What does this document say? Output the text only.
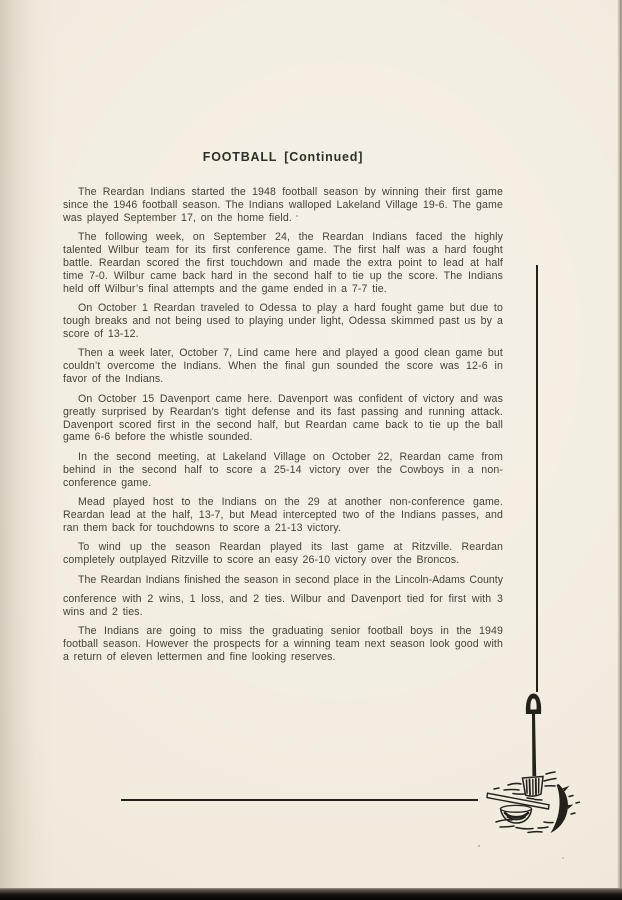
FOOTBALL [Continued]

The Reardan Indians started the 1948 football season by winning their first game since the 1946 football season. The Indians walloped Lakeland Village 19-6. The game was played September 17, on the home field.

The following week, on September 24, the Reardan Indians faced the highly talented Wilbur team for its first conference game. The first half was a hard fought battle. Reardan scored the first touchdown and made the extra point to lead at half time 7-0. Wilbur came back hard in the second half to tie up the score. The Indians held off Wilbur’s final attempts and the game ended in a 7-7 tie.

On October 1 Reardan traveled to Odessa to play a hard fought game but due to tough breaks and not being used to playing under light, Odessa skimmed past us by a score of 13-12.

Then a week later, October 7, Lind came here and played a good clean game but couldn’t overcome the Indians. When the final gun sounded the score was 12-6 in favor of the Indians.

On October 15 Davenport came here. Davenport was confident of victory and was greatly surprised by Reardan’s tight defense and its fast passing and running attack. Davenport scored first in the second half, but Reardan came back to tie up the ball game 6-6 before the whistle sounded.

In the second meeting, at Lakeland Village on October 22, Reardan came from behind in the second half to score a 25-14 victory over the Cowboys in a non-conference game.

Mead played host to the Indians on the 29 at another non-conference game. Reardan lead at the half, 13-7, but Mead intercepted two of the Indians passes, and ran them back for touchdowns to score a 21-13 victory.

To wind up the season Reardan played its last game at Ritzville. Reardan completely outplayed Ritzville to score an easy 26-10 victory over the Broncos.

The Reardan Indians finished the season in second place in the Lincoln-Adams County

conference with 2 wins, 1 loss, and 2 ties. Wilbur and Davenport tied for first with 3 wins and 2 ties.

The Indians are going to miss the graduating senior football boys in the 1949 football season. However the prospects for a winning team next season look good with a return of eleven lettermen and fine looking reserves.
